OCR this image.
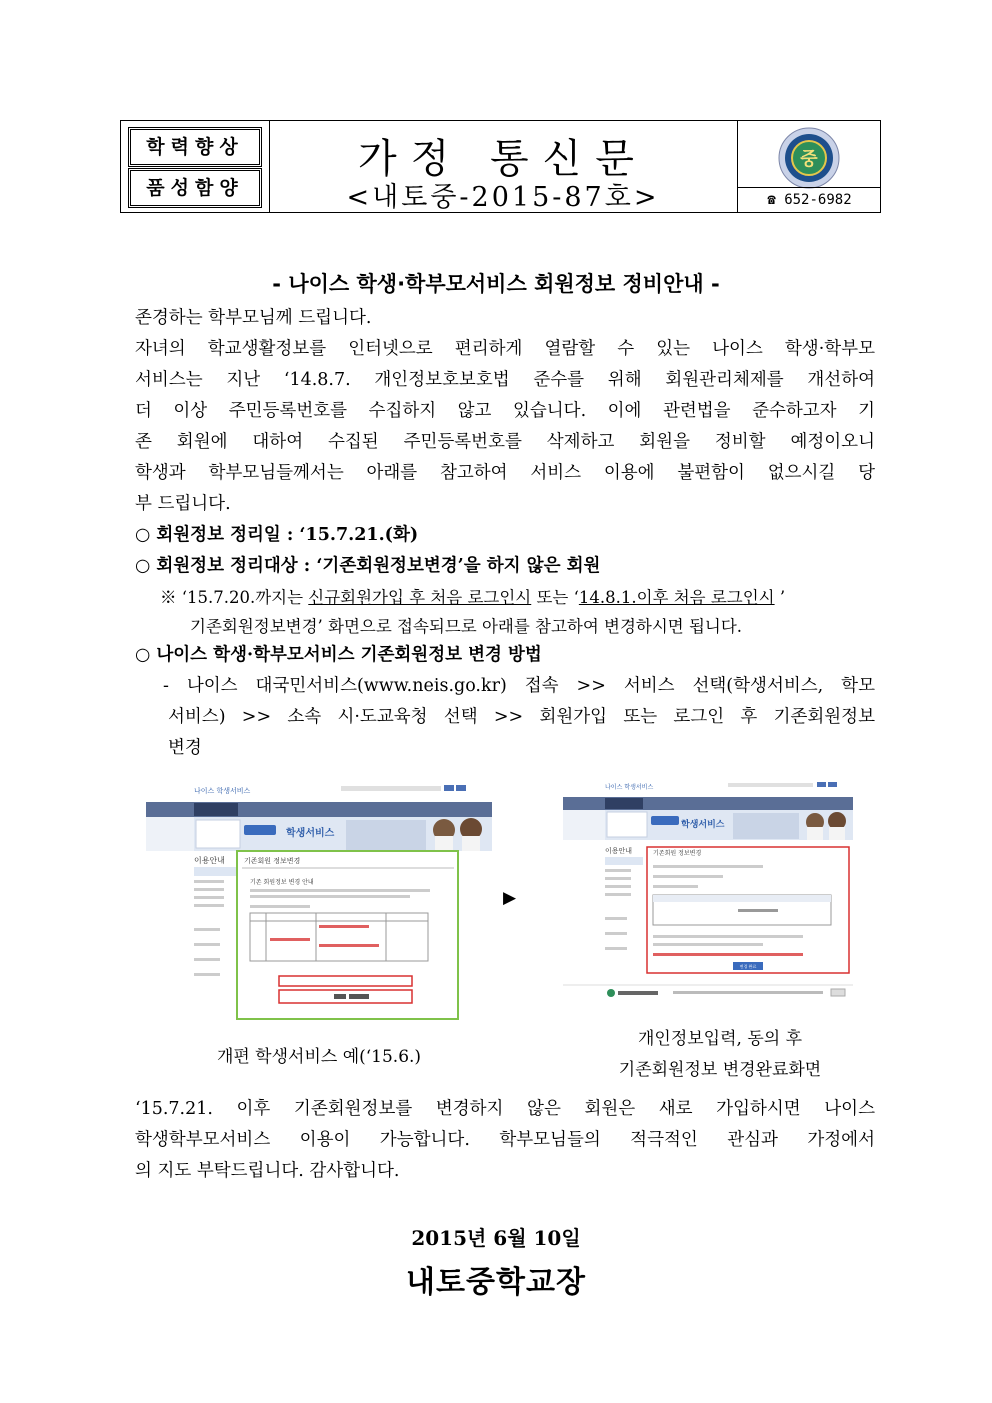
학력향상
품성함양
가정 통신문
<내토중-2015-87호>
중
☎ 652-6982
- 나이스 학생·학부모서비스 회원정보 정비안내 -
존경하는 학부모님께 드립니다.
자녀의 학교생활정보를 인터넷으로 편리하게 열람할 수 있는 나이스 학생·학부모
서비스는 지난 ‘14.8.7. 개인정보호보호법 준수를 위해 회원관리체제를 개선하여
더 이상 주민등록번호를 수집하지 않고 있습니다. 이에 관련법을 준수하고자 기
존 회원에 대하여 수집된 주민등록번호를 삭제하고 회원을 정비할 예정이오니
학생과 학부모님들께서는 아래를 참고하여 서비스 이용에 불편함이 없으시길 당
부 드립니다.
○ 회원정보 정리일 : ‘15.7.21.(화)
○ 회원정보 정리대상 : ‘기존회원정보변경’을 하지 않은 회원
※ ‘15.7.20.까지는 신규회원가입 후 처음 로그인시 또는 ‘14.8.1.이후 처음 로그인시 ’
기존회원정보변경’ 화면으로 접속되므로 아래를 참고하여 변경하시면 됩니다.
○ 나이스 학생·학부모서비스 기존회원정보 변경 방법
- 나이스 대국민서비스(www.neis.go.kr) 접속 >> 서비스 선택(학생서비스, 학모
서비스) >> 소속 시·도교육청 선택 >> 회원가입 또는 로그인 후 기존회원정보
변경
나이스 학생서비스
학생서비스
이용안내	기존회원 정보변경
기존 회원정보 변경 안내
▶
나이스 학생서비스
학생서비스
이용안내	기존회원 정보변경
변경 완료
개편 학생서비스 예(‘15.6.)
개인정보입력, 동의 후
기존회원정보 변경완료화면
‘15.7.21. 이후 기존회원정보를 변경하지 않은 회원은 새로 가입하시면 나이스
학생학부모서비스 이용이 가능합니다. 학부모님들의 적극적인 관심과 가정에서
의 지도 부탁드립니다. 감사합니다.
2015년 6월 10일
내토중학교장
